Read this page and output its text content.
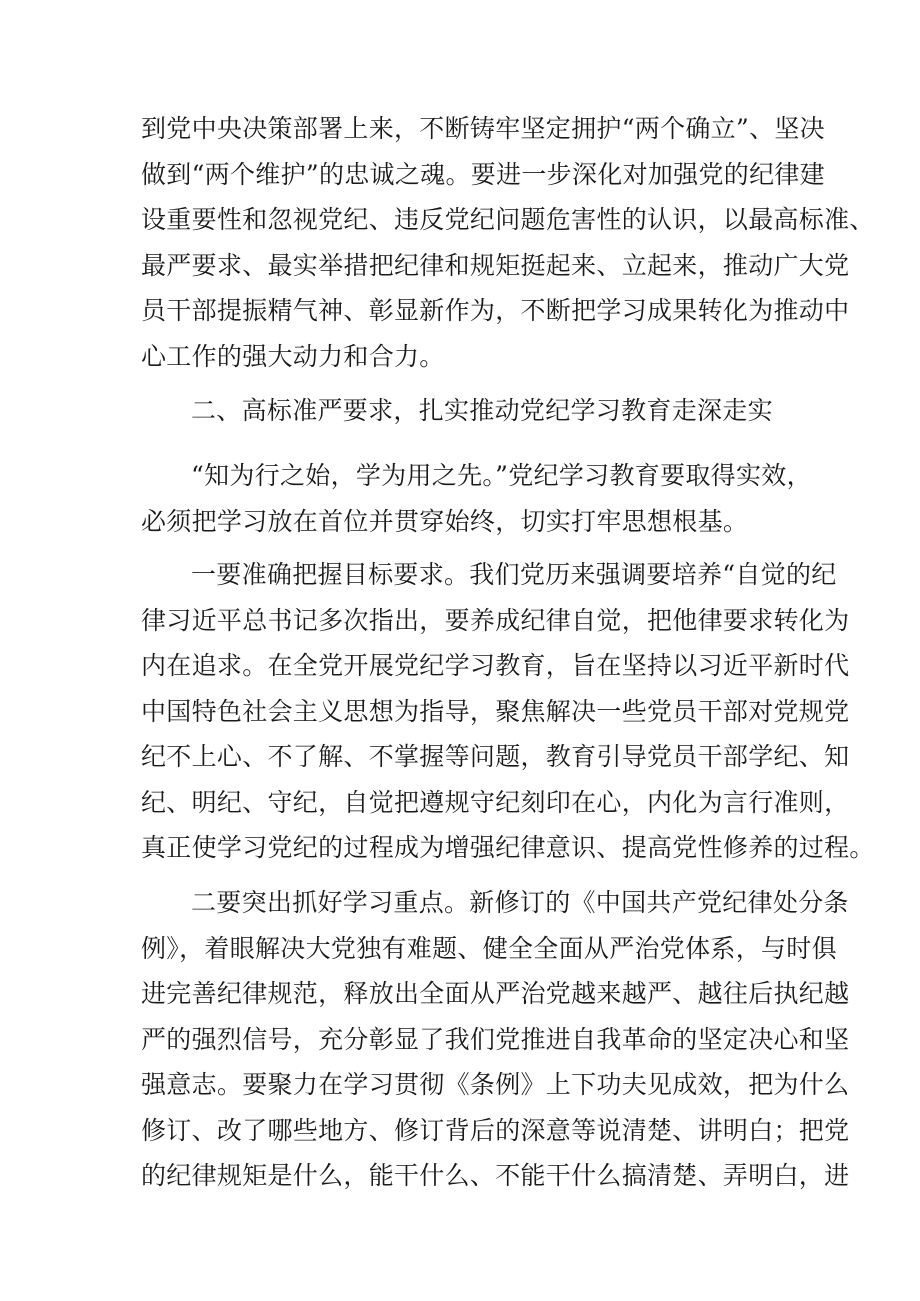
到党中央决策部署上来，不断铸牢坚定拥护“两个确立”、坚决
做到“两个维护”的忠诚之魂。要进一步深化对加强党的纪律建
设重要性和忽视党纪、违反党纪问题危害性的认识，以最高标准、
最严要求、最实举措把纪律和规矩挺起来、立起来，推动广大党
员干部提振精气神、彰显新作为，不断把学习成果转化为推动中
心工作的强大动力和合力。
二、高标准严要求，扎实推动党纪学习教育走深走实
“知为行之始，学为用之先。”党纪学习教育要取得实效，
必须把学习放在首位并贯穿始终，切实打牢思想根基。
一要准确把握目标要求。我们党历来强调要培养“自觉的纪
律习近平总书记多次指出，要养成纪律自觉，把他律要求转化为
内在追求。在全党开展党纪学习教育，旨在坚持以习近平新时代
中国特色社会主义思想为指导，聚焦解决一些党员干部对党规党
纪不上心、不了解、不掌握等问题，教育引导党员干部学纪、知
纪、明纪、守纪，自觉把遵规守纪刻印在心，内化为言行准则，
真正使学习党纪的过程成为增强纪律意识、提高党性修养的过程。
二要突出抓好学习重点。新修订的《中国共产党纪律处分条
例》，着眼解决大党独有难题、健全全面从严治党体系，与时俱
进完善纪律规范，释放出全面从严治党越来越严、越往后执纪越
严的强烈信号，充分彰显了我们党推进自我革命的坚定决心和坚
强意志。要聚力在学习贯彻《条例》上下功夫见成效，把为什么
修订、改了哪些地方、修订背后的深意等说清楚、讲明白；把党
的纪律规矩是什么，能干什么、不能干什么搞清楚、弄明白，进
